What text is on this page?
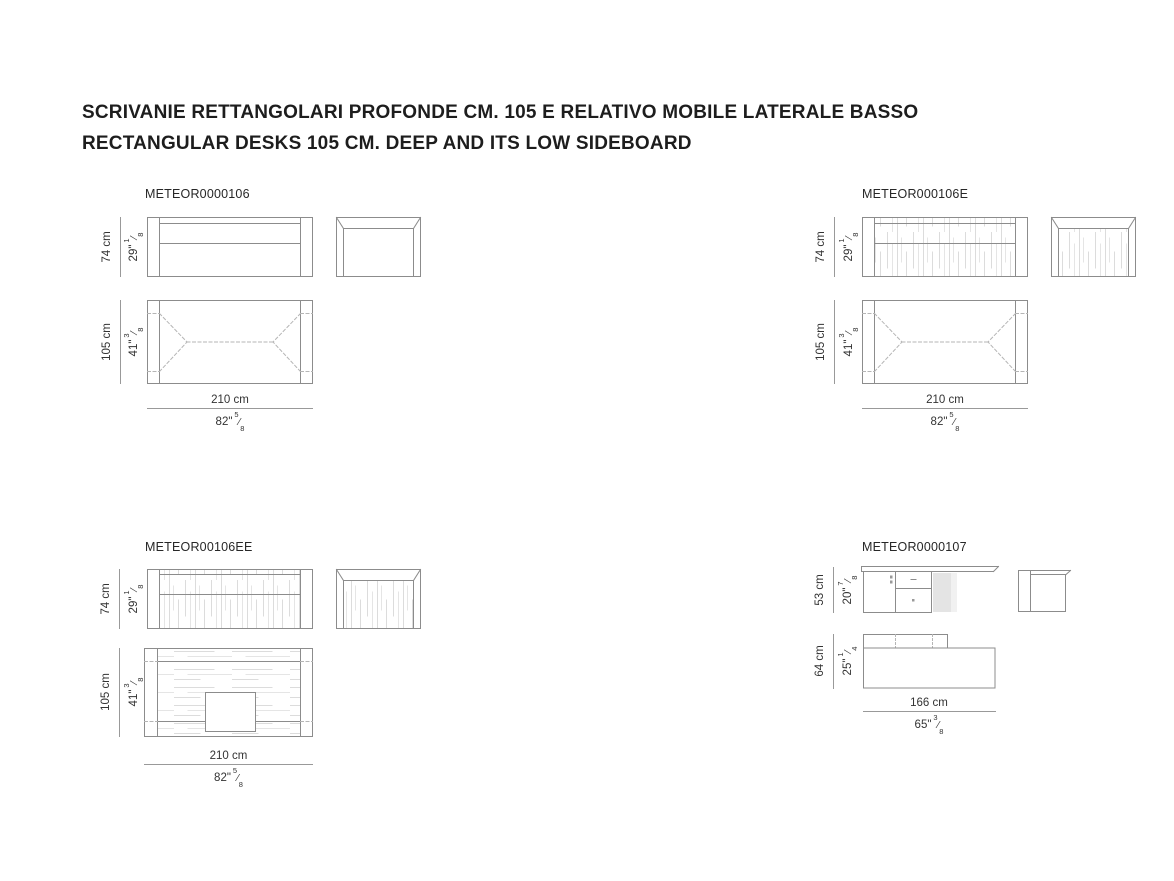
SCRIVANIE RETTANGOLARI PROFONDE CM. 105 E RELATIVO MOBILE LATERALE BASSO
RECTANGULAR DESKS 105 CM. DEEP AND ITS LOW SIDEBOARD
METEOR0000106
74 cm	$29"^1⁄_8$
105 cm	$41"^3⁄_8$
210 cm
$82"^5⁄_8$
METEOR000106E
74 cm	$29"^1⁄_8$
105 cm	$41"^3⁄_8$
210 cm
$82"^5⁄_8$
METEOR00106EE
74 cm	$29"^1⁄_8$
105 cm	$41"^3⁄_8$
210 cm
$82"^5⁄_8$
METEOR0000107
53 cm	$20"^7⁄_8$
64 cm	$25"^1⁄_4$
166 cm
$65"^3⁄_8$
